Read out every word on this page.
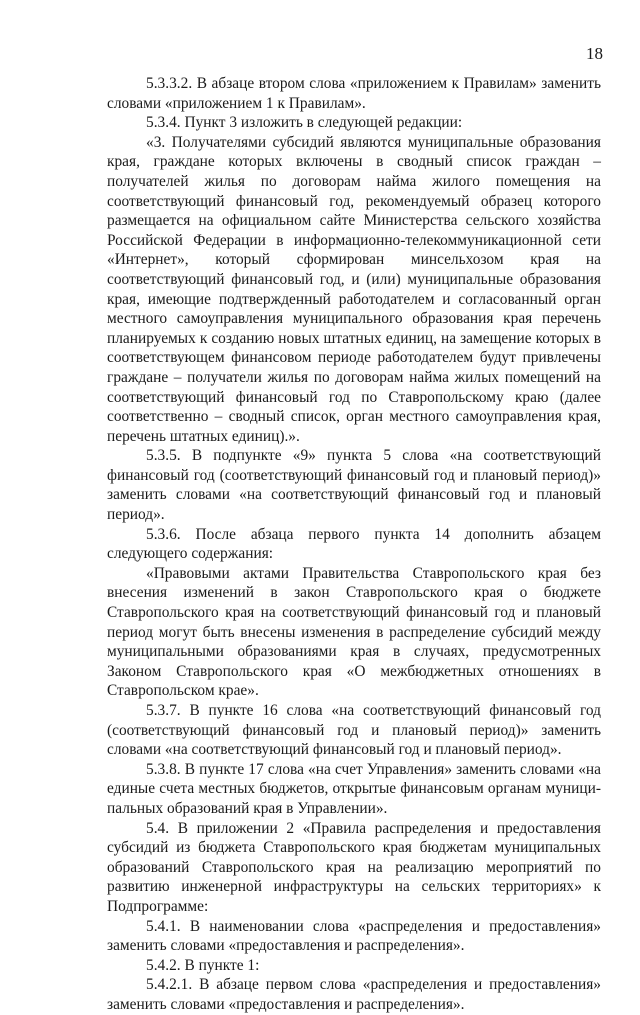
18

5.3.3.2. В абзаце втором слова «приложением к Правилам» заменить словами «приложением 1 к Правилам».

5.3.4. Пункт 3 изложить в следующей редакции:

«3. Получателями субсидий являются муниципальные образования края, граждане которых включены в сводный список граждан – получателей жилья по договорам найма жилого помещения на соответствующий финансовый год, рекомендуемый образец которого размещается на официальном сайте Министерства сельского хозяйства Российской Федерации в информационно-телекоммуникационной сети «Интернет», который сформирован минсельхозом края на соответствующий финансовый год, и (или) муниципальные образования края, имеющие подтвержденный работодателем и согласованный орган местного самоуправления муниципального образования края перечень планируемых к созданию новых штатных единиц, на замещение которых в соответствующем финансовом периоде работодателем будут привлечены граждане – получатели жилья по договорам найма жилых помещений на соответствующий финансовый год по Ставропольскому краю (далее соответственно – сводный список, орган местного самоуправления края, перечень штатных единиц).».

5.3.5. В подпункте «9» пункта 5 слова «на соответствующий финансовый год (соответствующий финансовый год и плановый период)» заменить словами «на соответствующий финансовый год и плановый период».

5.3.6. После абзаца первого пункта 14 дополнить абзацем следующего содержания:

«Правовыми актами Правительства Ставропольского края без внесения изменений в закон Ставропольского края о бюджете Ставропольского края на соответствующий финансовый год и плановый период могут быть внесены изменения в распределение субсидий между муниципальными образованиями края в случаях, предусмотренных Законом Ставропольского края «О межбюджетных отношениях в Ставропольском крае».

5.3.7. В пункте 16 слова «на соответствующий финансовый год (соответствующий финансовый год и плановый период)» заменить словами «на соответствующий финансовый год и плановый период».

5.3.8. В пункте 17 слова «на счет Управления» заменить словами «на единые счета местных бюджетов, открытые финансовым органам муниципальных образований края в Управлении».

5.4. В приложении 2 «Правила распределения и предоставления субсидий из бюджета Ставропольского края бюджетам муниципальных образований Ставропольского края на реализацию мероприятий по развитию инженерной инфраструктуры на сельских территориях» к Подпрограмме:

5.4.1. В наименовании слова «распределения и предоставления» заменить словами «предоставления и распределения».

5.4.2. В пункте 1:

5.4.2.1. В абзаце первом слова «распределения и предоставления» заменить словами «предоставления и распределения».
